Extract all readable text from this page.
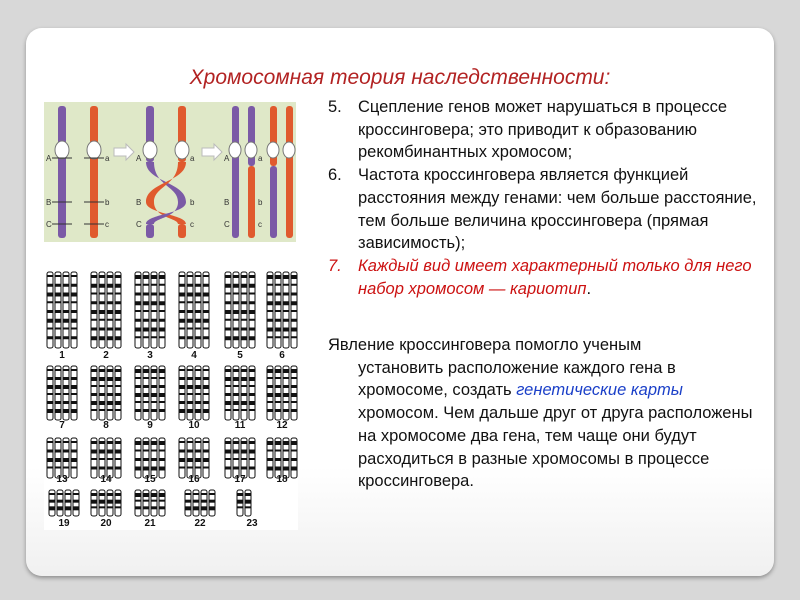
Хромосомная теория наследственности:
A
B
C
a
b
c
A
B
C
a
b
c
A
B
C
a
b
c
1	2	3	4	5	6
7	8	9	10	11	12
13	14	15	16	17	18
19	20	21	22	23
5. Сцепление генов может нарушаться в процессе кроссинговера; это приводит к образованию рекомбинантных хромосом;
6. Частота кроссинговера является функцией расстояния между генами: чем больше расстояние, тем больше величина кроссинговера (прямая зависимость);
7. Каждый вид имеет характерный только для него набор хромосом — кариотип.
Явление кроссинговера помогло ученым
установить расположение каждого гена в хромосоме, создать генетические карты хромосом. Чем дальше друг от друга расположены на хромосоме два гена, тем чаще они будут расходиться в разные хромосомы в процессе кроссинговера.
